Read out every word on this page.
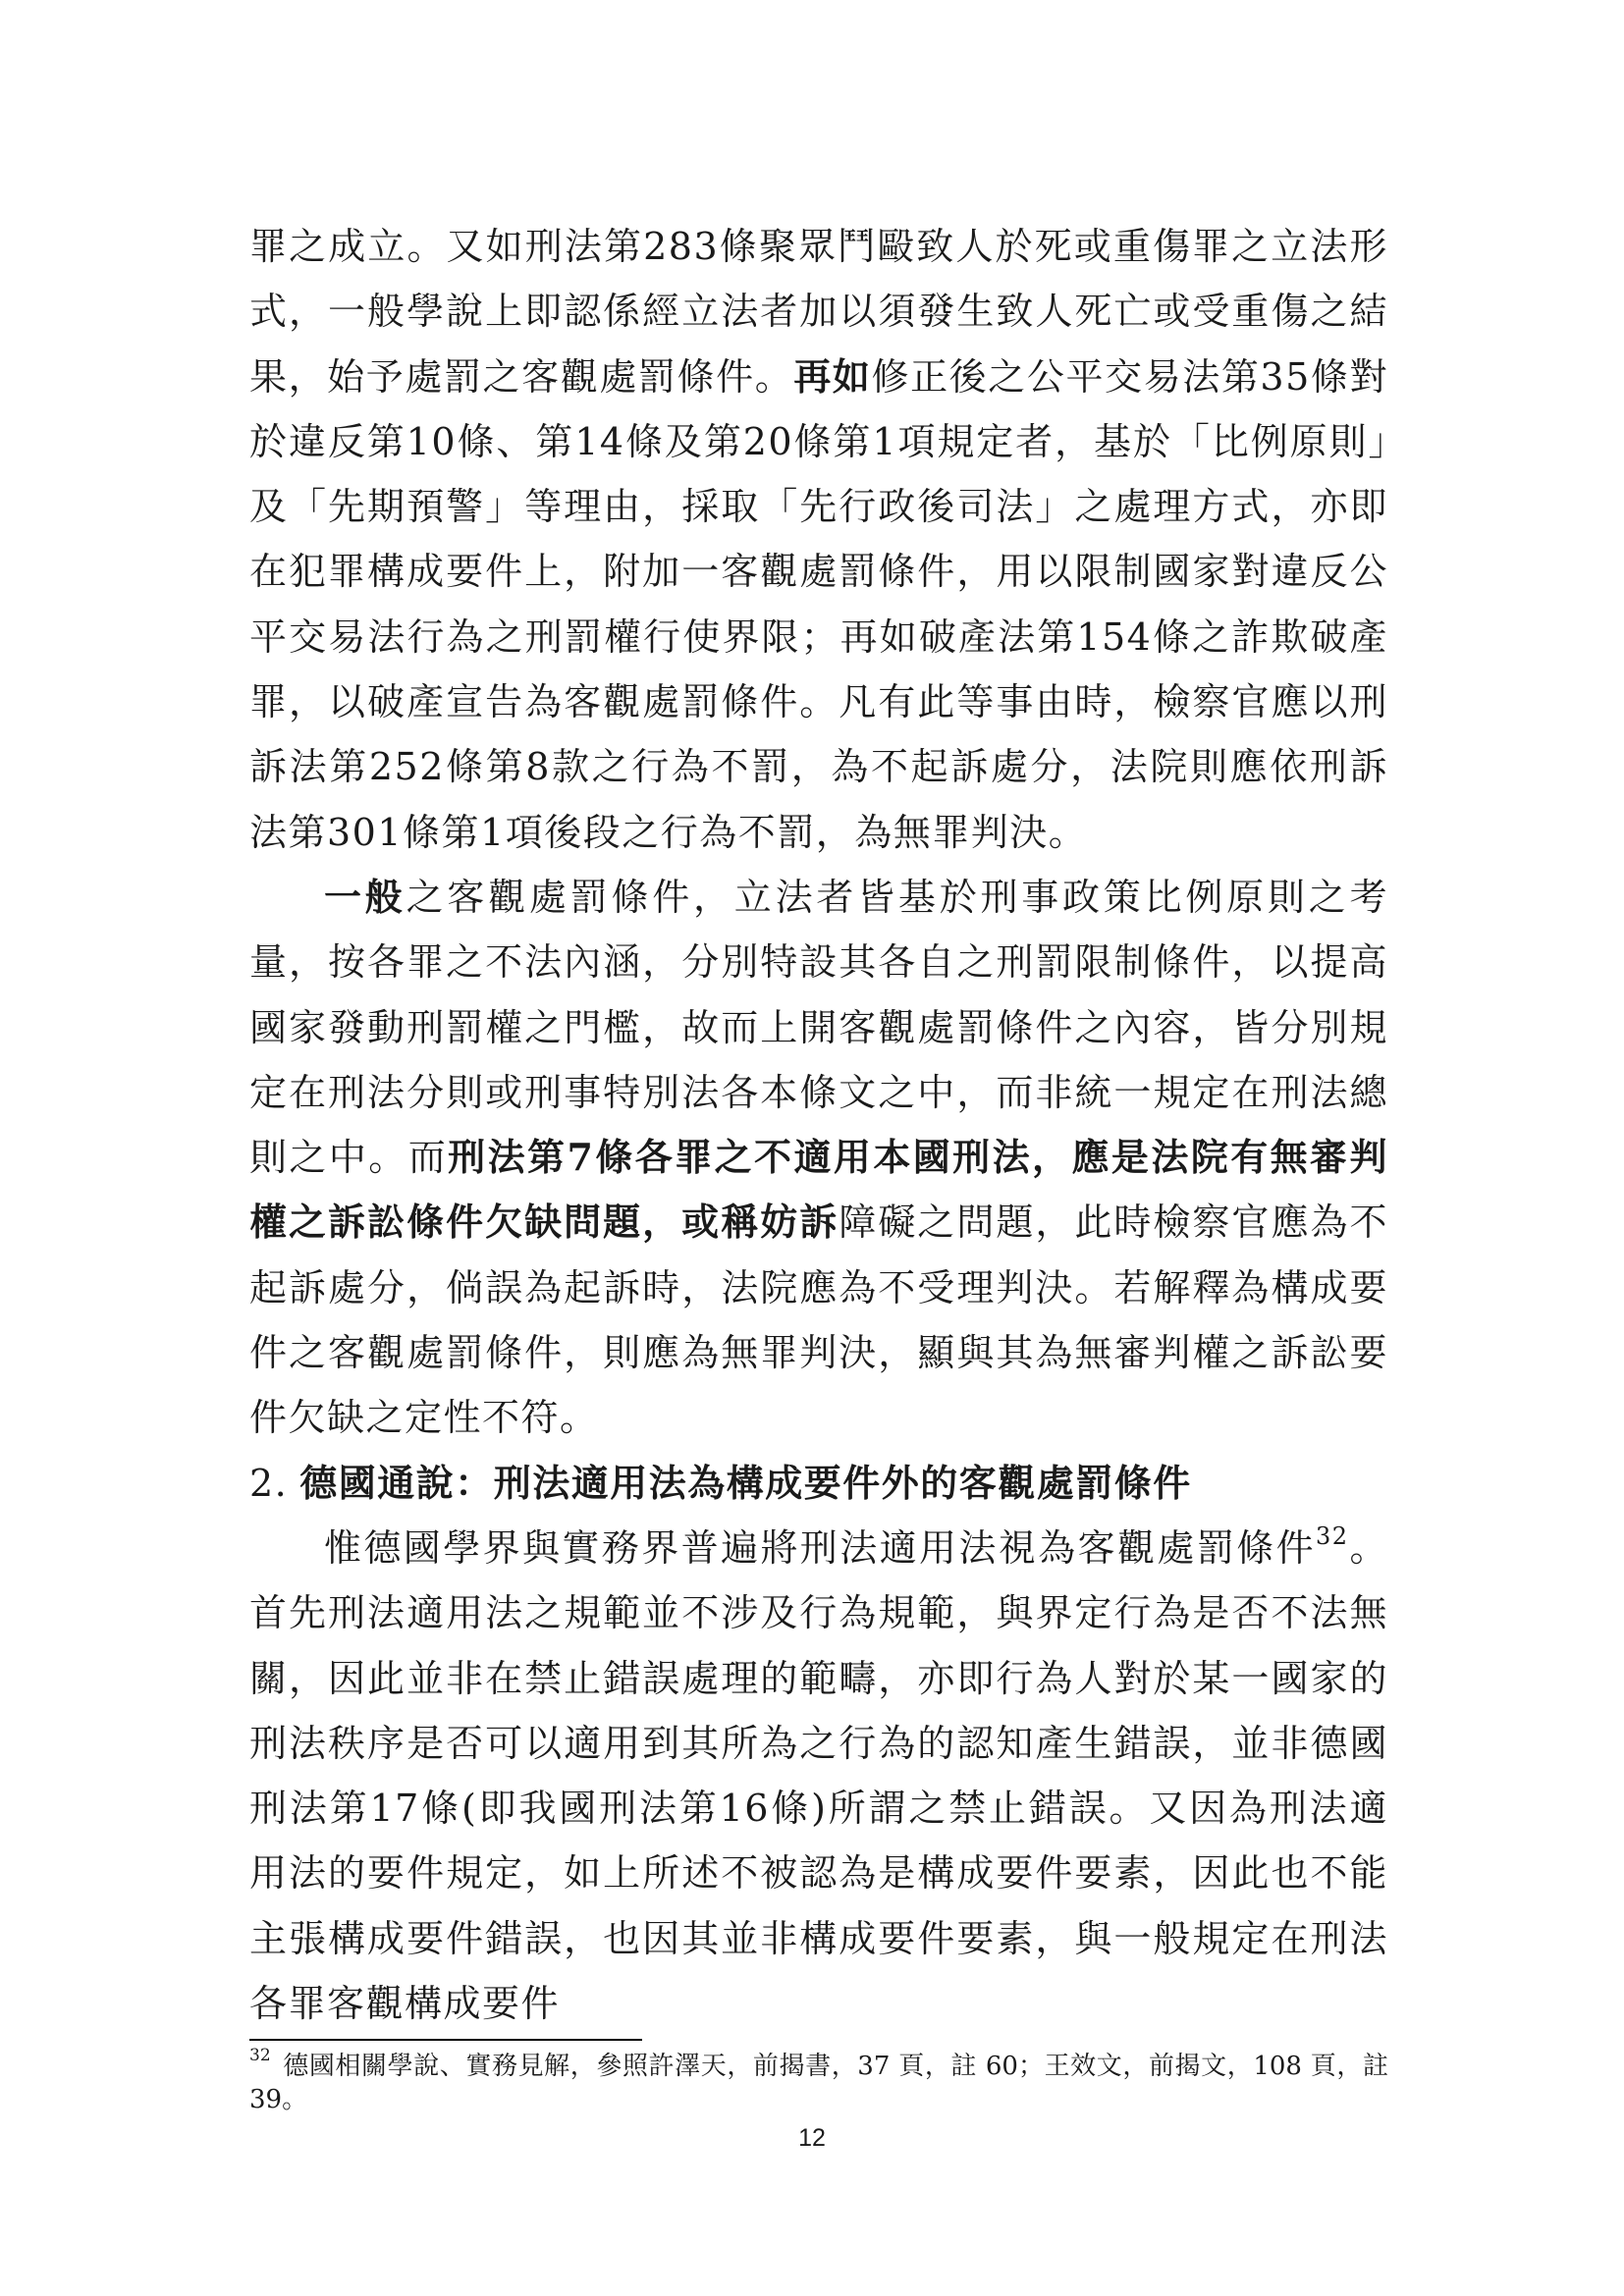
罪之成立。又如刑法第283條聚眾鬥毆致人於死或重傷罪之立法形式，一般學說上即認係經立法者加以須發生致人死亡或受重傷之結果，始予處罰之客觀處罰條件。再如修正後之公平交易法第35條對於違反第10條、第14條及第20條第1項規定者，基於「比例原則」及「先期預警」等理由，採取「先行政後司法」之處理方式，亦即在犯罪構成要件上，附加一客觀處罰條件，用以限制國家對違反公平交易法行為之刑罰權行使界限；再如破產法第154條之詐欺破產罪，以破產宣告為客觀處罰條件。凡有此等事由時，檢察官應以刑訴法第252條第8款之行為不罰，為不起訴處分，法院則應依刑訴法第301條第1項後段之行為不罰，為無罪判決。

一般之客觀處罰條件，立法者皆基於刑事政策比例原則之考量，按各罪之不法內涵，分別特設其各自之刑罰限制條件，以提高國家發動刑罰權之門檻，故而上開客觀處罰條件之內容，皆分別規定在刑法分則或刑事特別法各本條文之中，而非統一規定在刑法總則之中。而刑法第7條各罪之不適用本國刑法，應是法院有無審判權之訴訟條件欠缺問題，或稱妨訴障礙之問題，此時檢察官應為不起訴處分，倘誤為起訴時，法院應為不受理判決。若解釋為構成要件之客觀處罰條件，則應為無罪判決，顯與其為無審判權之訴訟要件欠缺之定性不符。

2. 德國通說：刑法適用法為構成要件外的客觀處罰條件

惟德國學界與實務界普遍將刑法適用法視為客觀處罰條件$^{32}$。首先刑法適用法之規範並不涉及行為規範，與界定行為是否不法無關，因此並非在禁止錯誤處理的範疇，亦即行為人對於某一國家的刑法秩序是否可以適用到其所為之行為的認知產生錯誤，並非德國刑法第17條(即我國刑法第16條)所謂之禁止錯誤。又因為刑法適用法的要件規定，如上所述不被認為是構成要件要素，因此也不能主張構成要件錯誤，也因其並非構成要件要素，與一般規定在刑法各罪客觀構成要件

$^{32}$ 德國相關學說、實務見解，參照許澤天，前揭書，37 頁，註 60；王效文，前揭文，108 頁，註 39。
12
